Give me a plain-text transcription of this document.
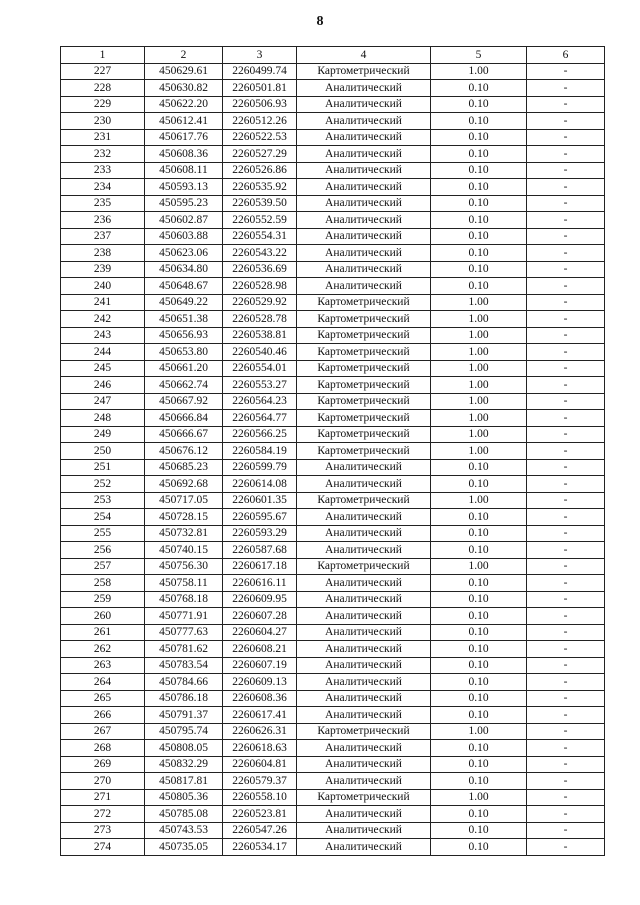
8
1	2	3	4	5	6
227	450629.61	2260499.74	Картометрический	1.00	-
228	450630.82	2260501.81	Аналитический	0.10	-
229	450622.20	2260506.93	Аналитический	0.10	-
230	450612.41	2260512.26	Аналитический	0.10	-
231	450617.76	2260522.53	Аналитический	0.10	-
232	450608.36	2260527.29	Аналитический	0.10	-
233	450608.11	2260526.86	Аналитический	0.10	-
234	450593.13	2260535.92	Аналитический	0.10	-
235	450595.23	2260539.50	Аналитический	0.10	-
236	450602.87	2260552.59	Аналитический	0.10	-
237	450603.88	2260554.31	Аналитический	0.10	-
238	450623.06	2260543.22	Аналитический	0.10	-
239	450634.80	2260536.69	Аналитический	0.10	-
240	450648.67	2260528.98	Аналитический	0.10	-
241	450649.22	2260529.92	Картометрический	1.00	-
242	450651.38	2260528.78	Картометрический	1.00	-
243	450656.93	2260538.81	Картометрический	1.00	-
244	450653.80	2260540.46	Картометрический	1.00	-
245	450661.20	2260554.01	Картометрический	1.00	-
246	450662.74	2260553.27	Картометрический	1.00	-
247	450667.92	2260564.23	Картометрический	1.00	-
248	450666.84	2260564.77	Картометрический	1.00	-
249	450666.67	2260566.25	Картометрический	1.00	-
250	450676.12	2260584.19	Картометрический	1.00	-
251	450685.23	2260599.79	Аналитический	0.10	-
252	450692.68	2260614.08	Аналитический	0.10	-
253	450717.05	2260601.35	Картометрический	1.00	-
254	450728.15	2260595.67	Аналитический	0.10	-
255	450732.81	2260593.29	Аналитический	0.10	-
256	450740.15	2260587.68	Аналитический	0.10	-
257	450756.30	2260617.18	Картометрический	1.00	-
258	450758.11	2260616.11	Аналитический	0.10	-
259	450768.18	2260609.95	Аналитический	0.10	-
260	450771.91	2260607.28	Аналитический	0.10	-
261	450777.63	2260604.27	Аналитический	0.10	-
262	450781.62	2260608.21	Аналитический	0.10	-
263	450783.54	2260607.19	Аналитический	0.10	-
264	450784.66	2260609.13	Аналитический	0.10	-
265	450786.18	2260608.36	Аналитический	0.10	-
266	450791.37	2260617.41	Аналитический	0.10	-
267	450795.74	2260626.31	Картометрический	1.00	-
268	450808.05	2260618.63	Аналитический	0.10	-
269	450832.29	2260604.81	Аналитический	0.10	-
270	450817.81	2260579.37	Аналитический	0.10	-
271	450805.36	2260558.10	Картометрический	1.00	-
272	450785.08	2260523.81	Аналитический	0.10	-
273	450743.53	2260547.26	Аналитический	0.10	-
274	450735.05	2260534.17	Аналитический	0.10	-
